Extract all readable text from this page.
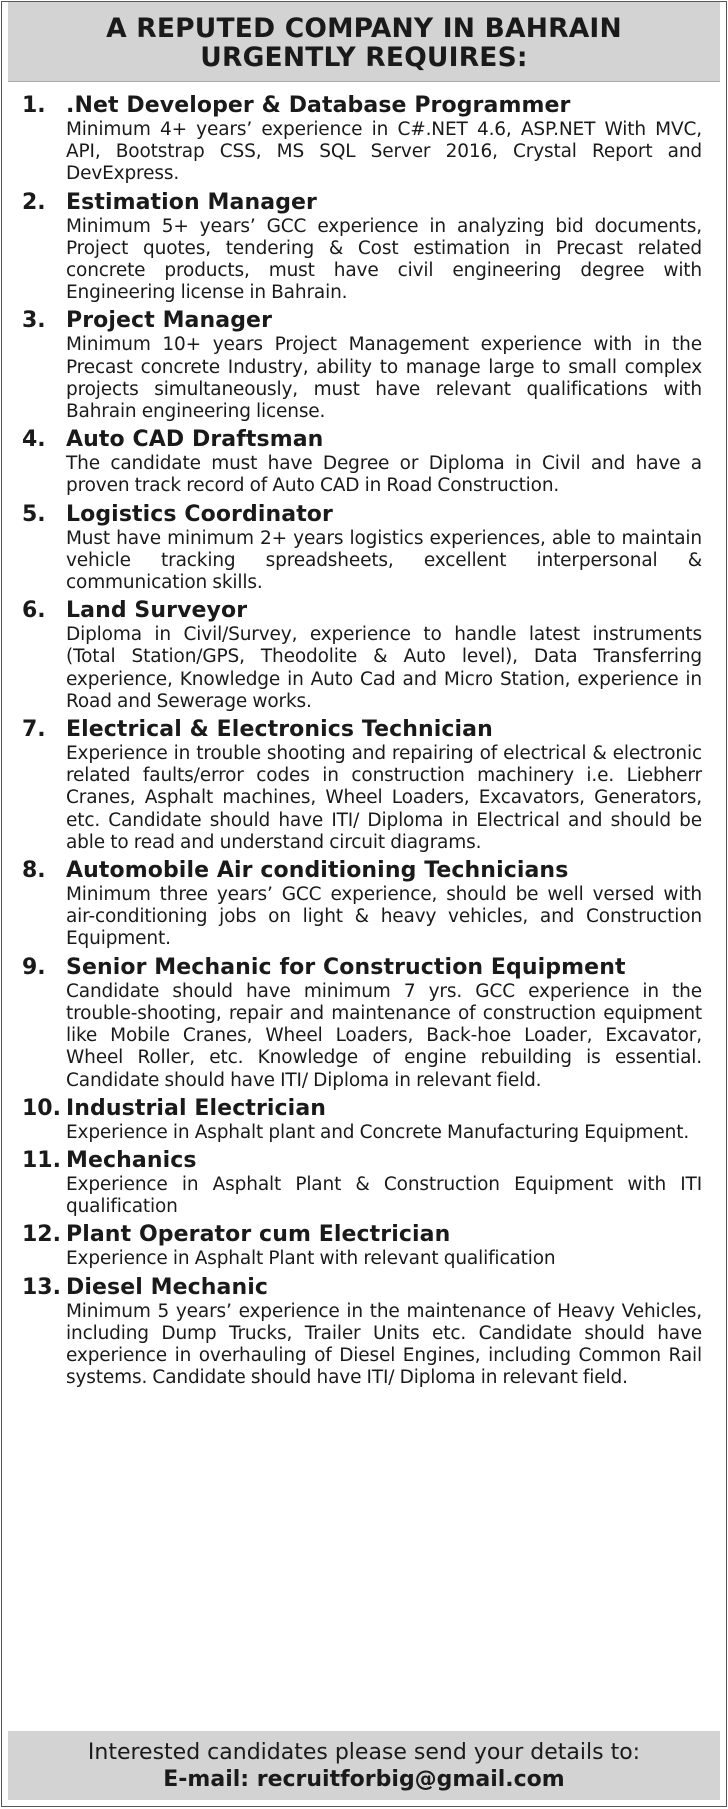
A REPUTED COMPANY IN BAHRAIN
URGENTLY REQUIRES:
1. .Net Developer & Database Programmer
Minimum 4+ years’ experience in C#.NET 4.6, ASP.NET With MVC, API, Bootstrap CSS, MS SQL Server 2016, Crystal Report and DevExpress.
2. Estimation Manager
Minimum 5+ years’ GCC experience in analyzing bid documents, Project quotes, tendering & Cost estimation in Precast related concrete products, must have civil engineering degree with Engineering license in Bahrain.
3. Project Manager
Minimum 10+ years Project Management experience with in the Precast concrete Industry, ability to manage large to small complex projects simultaneously, must have relevant qualifications with Bahrain engineering license.
4. Auto CAD Draftsman
The candidate must have Degree or Diploma in Civil and have a proven track record of Auto CAD in Road Construction.
5. Logistics Coordinator
Must have minimum 2+ years logistics experiences, able to maintain vehicle tracking spreadsheets, excellent interpersonal & communication skills.
6. Land Surveyor
Diploma in Civil/Survey, experience to handle latest instruments (Total Station/GPS, Theodolite & Auto level), Data Transferring experience, Knowledge in Auto Cad and Micro Station, experience in Road and Sewerage works.
7. Electrical & Electronics Technician
Experience in trouble shooting and repairing of electrical & electronic related faults/error codes in construction machinery i.e. Liebherr Cranes, Asphalt machines, Wheel Loaders, Excavators, Generators, etc. Candidate should have ITI/ Diploma in Electrical and should be able to read and understand circuit diagrams.
8. Automobile Air conditioning Technicians
Minimum three years’ GCC experience, should be well versed with air-conditioning jobs on light & heavy vehicles, and Construction Equipment.
9. Senior Mechanic for Construction Equipment
Candidate should have minimum 7 yrs. GCC experience in the trouble-shooting, repair and maintenance of construction equipment like Mobile Cranes, Wheel Loaders, Back-hoe Loader, Excavator, Wheel Roller, etc. Knowledge of engine rebuilding is essential. Candidate should have ITI/ Diploma in relevant field.
10. Industrial Electrician
Experience in Asphalt plant and Concrete Manufacturing Equipment.
11. Mechanics
Experience in Asphalt Plant & Construction Equipment with ITI qualification
12. Plant Operator cum Electrician
Experience in Asphalt Plant with relevant qualification
13. Diesel Mechanic
Minimum 5 years’ experience in the maintenance of Heavy Vehicles, including Dump Trucks, Trailer Units etc. Candidate should have experience in overhauling of Diesel Engines, including Common Rail systems. Candidate should have ITI/ Diploma in relevant field.
Interested candidates please send your details to:
E-mail: recruitforbig@gmail.com
